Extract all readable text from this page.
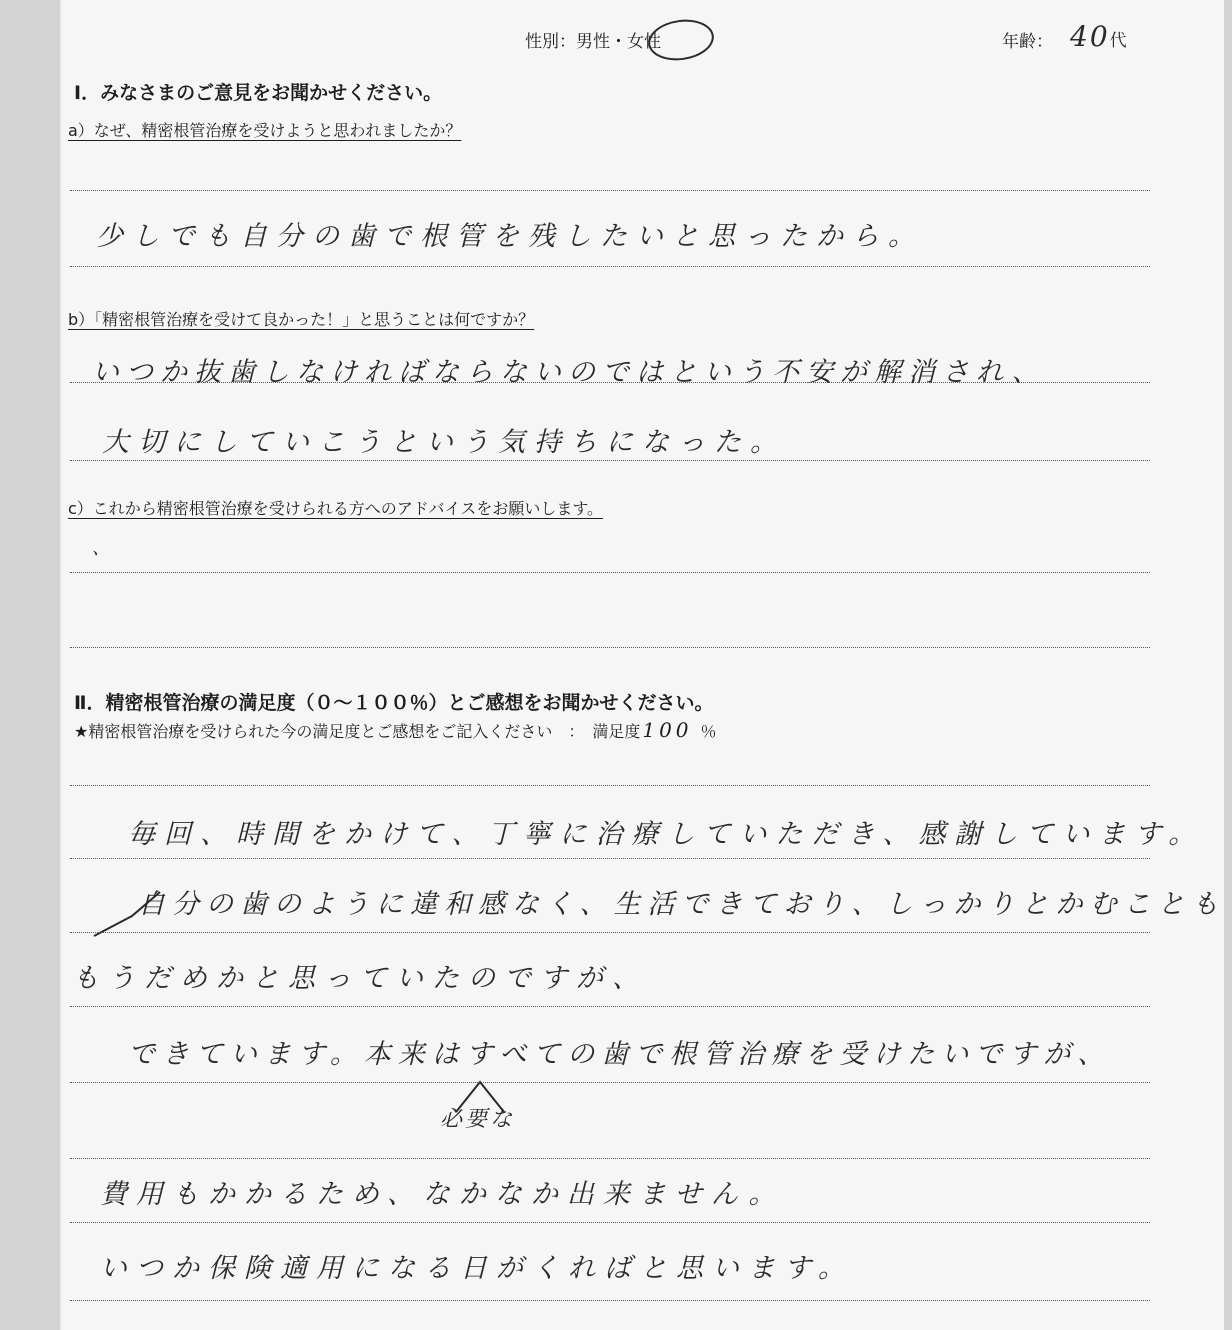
性別：男性・女性	年齢： 40代
Ⅰ．みなさまのご意見をお聞かせください。
a）なぜ、精密根管治療を受けようと思われましたか？
少しでも自分の歯で根管を残したいと思ったから。
b）「精密根管治療を受けて良かった！」と思うことは何ですか？
いつか抜歯しなければならないのではという不安が解消され、
大切にしていこうという気持ちになった。
c）これから精密根管治療を受けられる方へのアドバイスをお願いします。
、
Ⅱ．精密根管治療の満足度（０～１００％）とご感想をお聞かせください。
★精密根管治療を受けられた今の満足度とご感想をご記入ください　：　満足度 100 ％
毎回、時間をかけて、丁寧に治療していただき、感謝しています。
自分の歯のように違和感なく、生活できており、しっかりとかむことも
もうだめかと思っていたのですが、
できています。本来はすべての歯で根管治療を受けたいですが、
必要な
費用もかかるため、なかなか出来ません。
いつか保険適用になる日がくればと思います。
